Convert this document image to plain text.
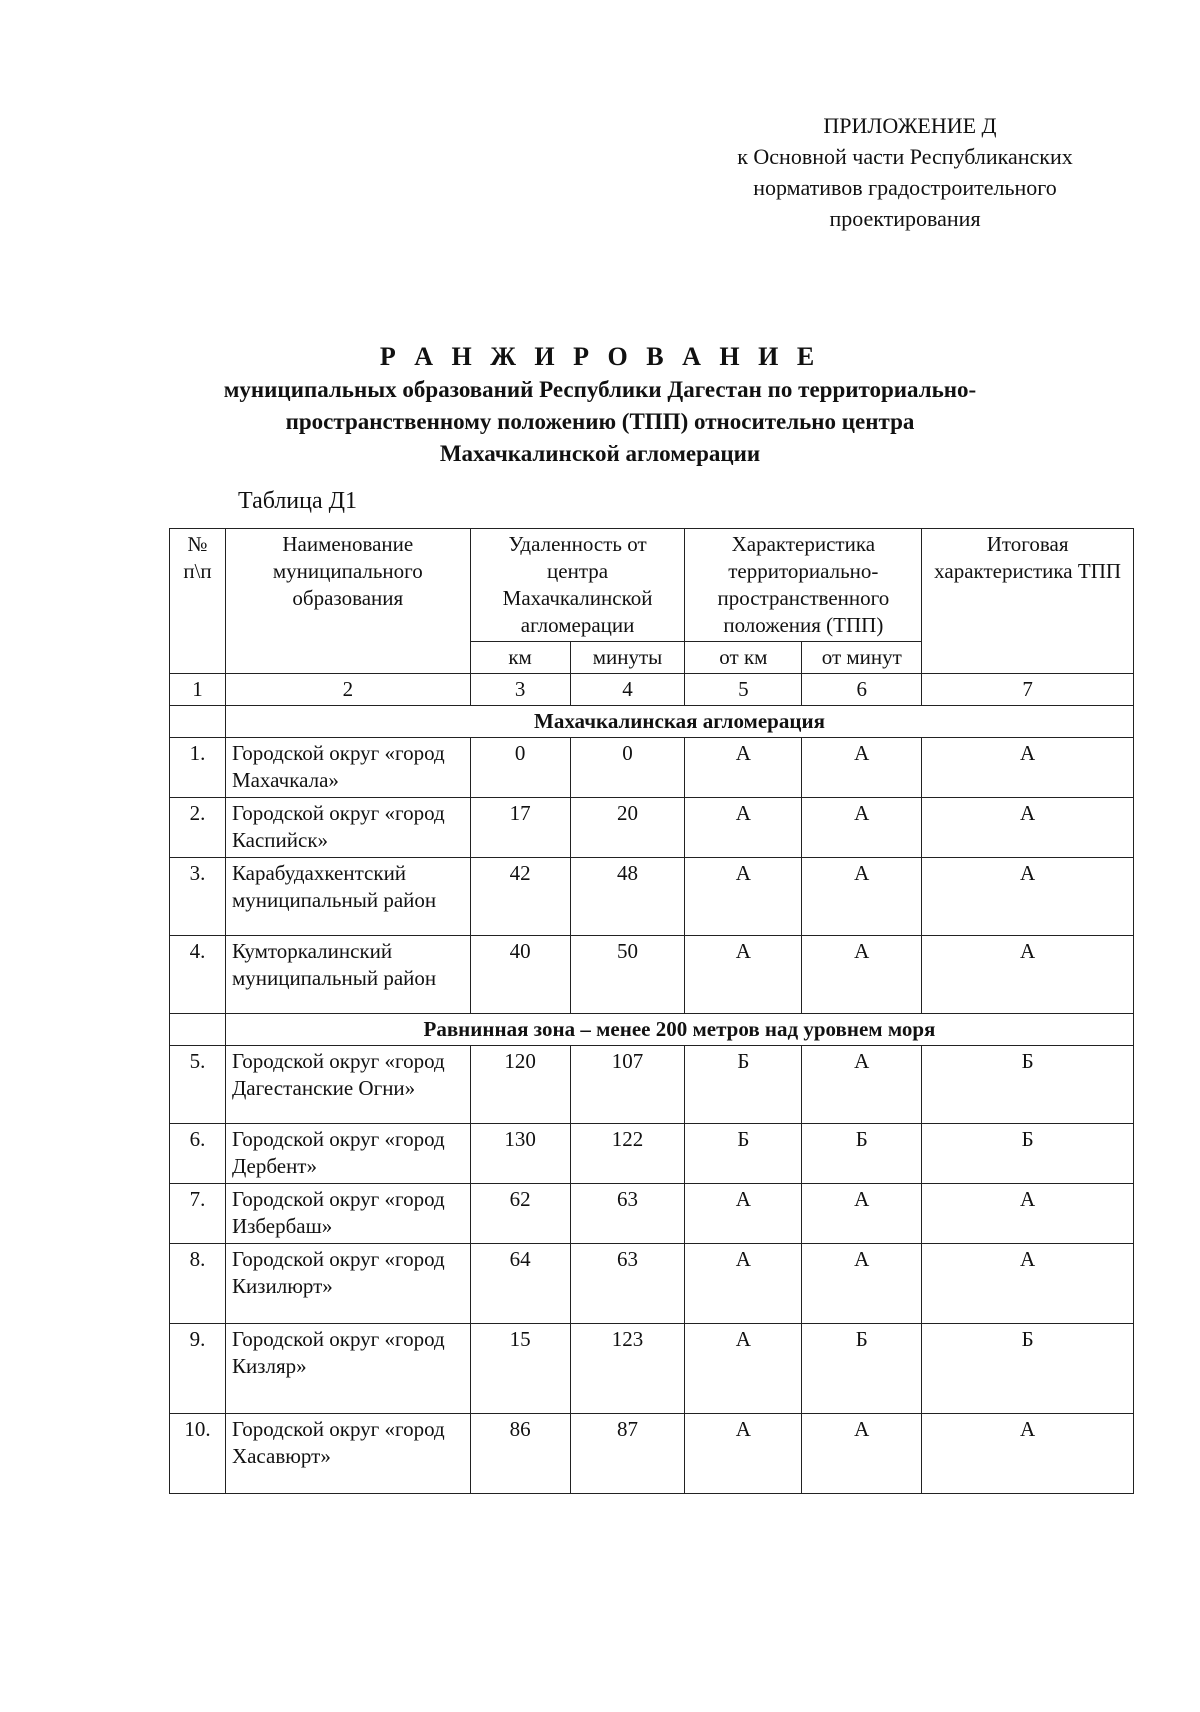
ПРИЛОЖЕНИЕ Д
к Основной части Республиканских
нормативов градостроительного
проектирования
Р А Н Ж И Р О В А Н И Е
муниципальных образований Республики Дагестан по территориально-
пространственному положению (ТПП) относительно центра
Махачкалинской агломерации
Таблица Д1
№ п\п	Наименование муниципального образования	Удаленность от центра Махачкалинской агломерации		Характеристика территориально-пространственного положения (ТПП)		Итоговая характеристика ТПП
		км	минуты	от км	от минут	
1	2	3	4	5	6	7
	Махачкалинская агломерация					
1.	Городской округ «город Махачкала»	0	0	А	А	А
2.	Городской округ «город Каспийск»	17	20	А	А	А
3.	Карабудахкентский муниципальный район	42	48	А	А	А
4.	Кумторкалинский муниципальный район	40	50	А	А	А
	Равнинная зона – менее 200 метров над уровнем моря					
5.	Городской округ «город Дагестанские Огни»	120	107	Б	А	Б
6.	Городской округ «город Дербент»	130	122	Б	Б	Б
7.	Городской округ «город Избербаш»	62	63	А	А	А
8.	Городской округ «город Кизилюрт»	64	63	А	А	А
9.	Городской округ «город Кизляр»	15	123	А	Б	Б
10.	Городской округ «город Хасавюрт»	86	87	А	А	А
